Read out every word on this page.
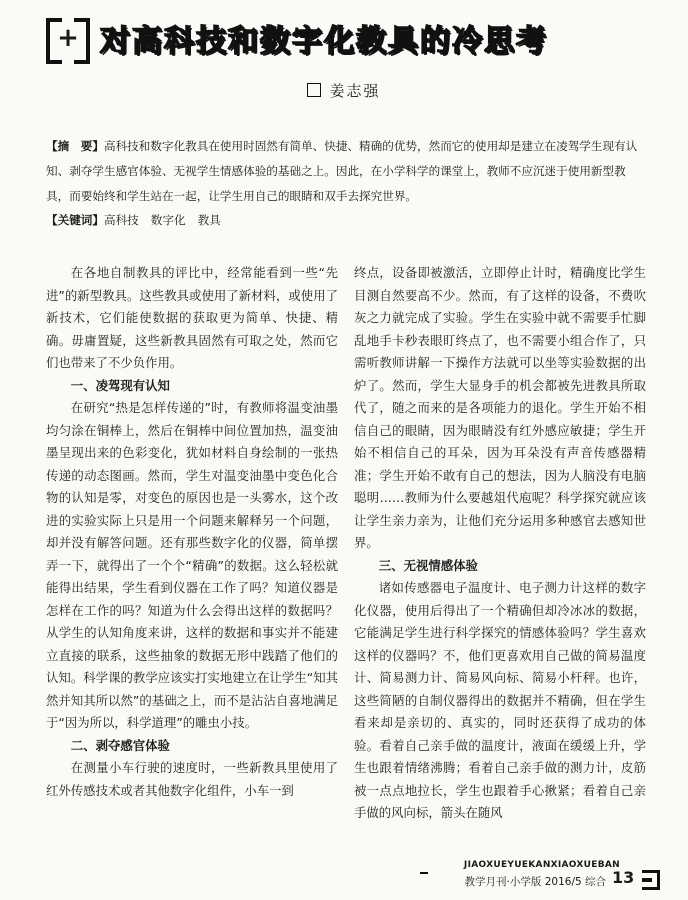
+ 对高科技和数字化教具的冷思考
姜志强
【摘　要】高科技和数字化教具在使用时固然有简单、快捷、精确的优势，然而它的使用却是建立在凌驾学生现有认知、剥夺学生感官体验、无视学生情感体验的基础之上。因此，在小学科学的课堂上，教师不应沉迷于使用新型教具，而要始终和学生站在一起，让学生用自己的眼睛和双手去探究世界。
【关键词】高科技 数字化 教具

在各地自制教具的评比中，经常能看到一些“先进”的新型教具。这些教具或使用了新材料，或使用了新技术，它们能使数据的获取更为简单、快捷、精确。毋庸置疑，这些新教具固然有可取之处，然而它们也带来了不少负作用。

一、凌驾现有认知

在研究“热是怎样传递的”时，有教师将温变油墨均匀涂在铜棒上，然后在铜棒中间位置加热，温变油墨呈现出来的色彩变化，犹如材料自身绘制的一张热传递的动态图画。然而，学生对温变油墨中变色化合物的认知是零，对变色的原因也是一头雾水，这个改进的实验实际上只是用一个问题来解释另一个问题，却并没有解答问题。还有那些数字化的仪器，简单摆弄一下，就得出了一个个“精确”的数据。这么轻松就能得出结果，学生看到仪器在工作了吗？知道仪器是怎样在工作的吗？知道为什么会得出这样的数据吗？从学生的认知角度来讲，这样的数据和事实并不能建立直接的联系，这些抽象的数据无形中践踏了他们的认知。科学课的教学应该实打实地建立在让学生“知其然并知其所以然”的基础之上，而不是沾沾自喜地满足于“因为所以，科学道理”的雕虫小技。

二、剥夺感官体验

在测量小车行驶的速度时，一些新教具里使用了红外传感技术或者其他数字化组件，小车一到

终点，设备即被激活，立即停止计时，精确度比学生目测自然要高不少。然而，有了这样的设备，不费吹灰之力就完成了实验。学生在实验中就不需要手忙脚乱地手卡秒表眼盯终点了，也不需要小组合作了，只需听教师讲解一下操作方法就可以坐等实验数据的出炉了。然而，学生大显身手的机会都被先进教具所取代了，随之而来的是各项能力的退化。学生开始不相信自己的眼睛，因为眼睛没有红外感应敏捷；学生开始不相信自己的耳朵，因为耳朵没有声音传感器精准；学生开始不敢有自己的想法，因为人脑没有电脑聪明……教师为什么要越俎代庖呢？科学探究就应该让学生亲力亲为，让他们充分运用多种感官去感知世界。

三、无视情感体验

诸如传感器电子温度计、电子测力计这样的数字化仪器，使用后得出了一个精确但却冷冰冰的数据，它能满足学生进行科学探究的情感体验吗？学生喜欢这样的仪器吗？不，他们更喜欢用自己做的简易温度计、简易测力计、简易风向标、简易小杆秤。也许，这些简陋的自制仪器得出的数据并不精确，但在学生看来却是亲切的、真实的，同时还获得了成功的体验。看着自己亲手做的温度计，液面在缓缓上升，学生也跟着情绪沸腾；看着自己亲手做的测力计，皮筋被一点点地拉长，学生也跟着手心揪紧；看着自己亲手做的风向标，箭头在随风

JIAOXUEYUEKANXIAOXUEBAN
教学月刊·小学版 2016/5 综合 13
